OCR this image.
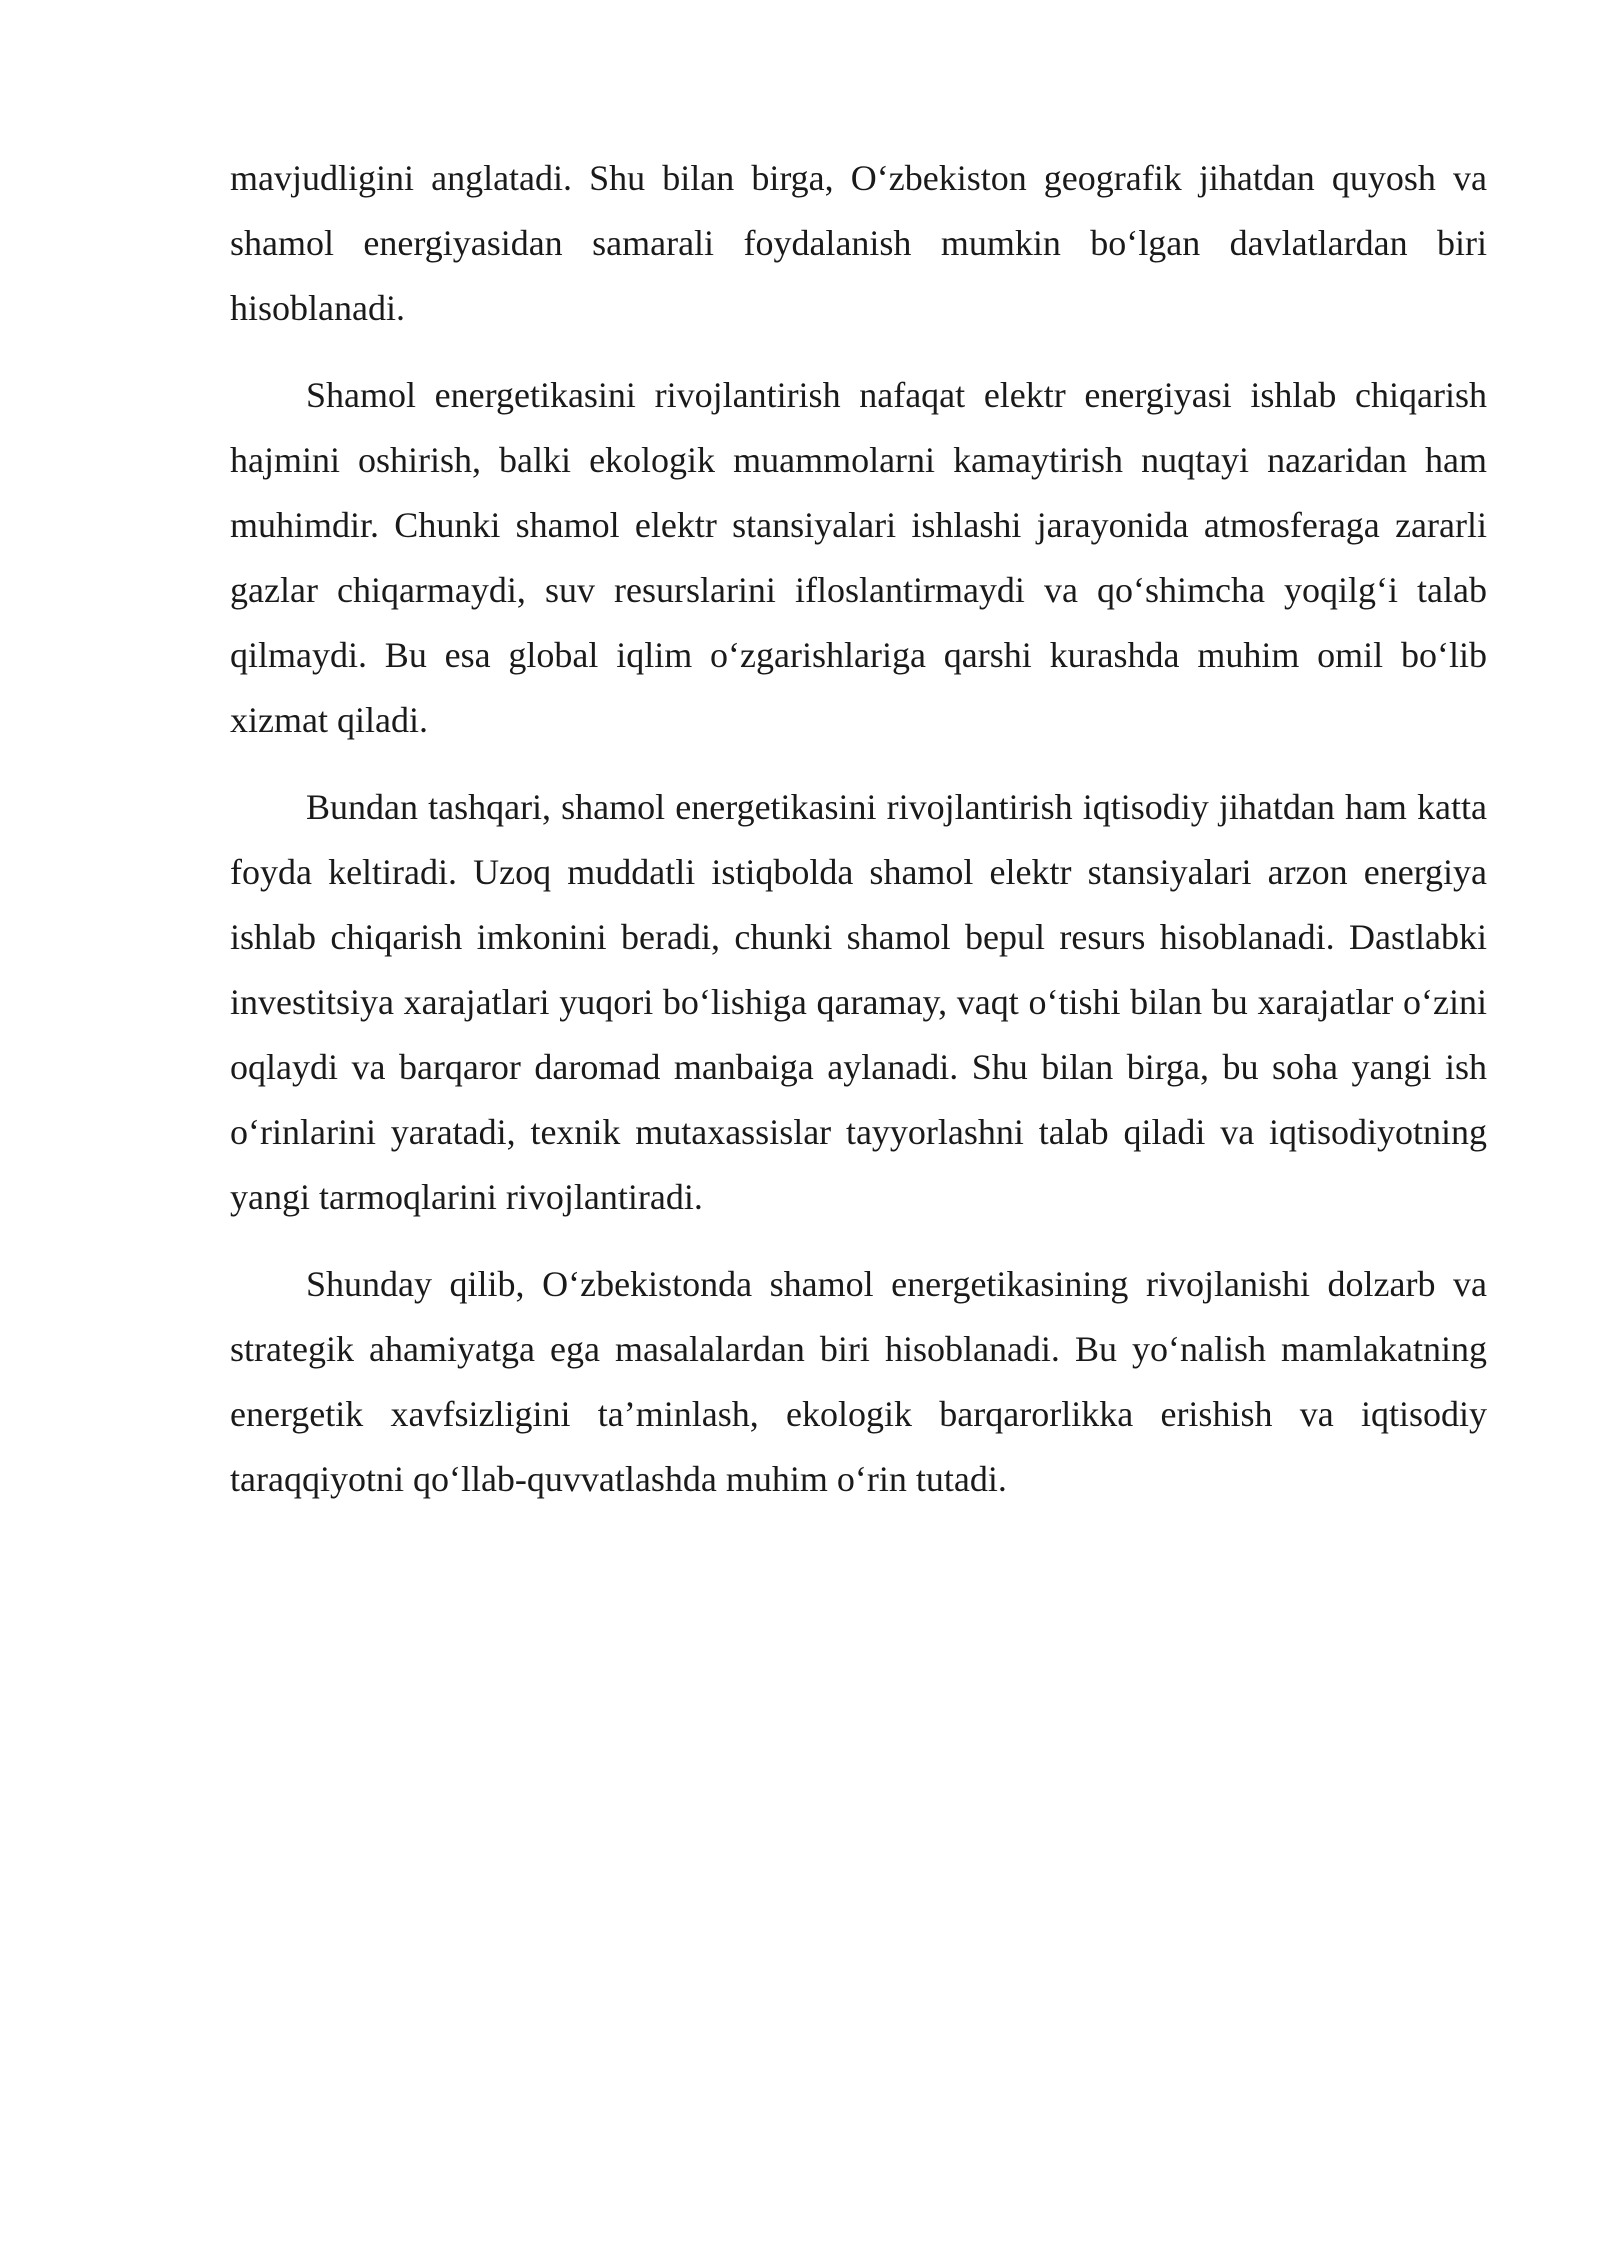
mavjudligini anglatadi. Shu bilan birga, O‘zbekiston geografik jihatdan quyosh va shamol energiyasidan samarali foydalanish mumkin bo‘lgan davlatlardan biri hisoblanadi.

Shamol energetikasini rivojlantirish nafaqat elektr energiyasi ishlab chiqarish hajmini oshirish, balki ekologik muammolarni kamaytirish nuqtayi nazaridan ham muhimdir. Chunki shamol elektr stansiyalari ishlashi jarayonida atmosferaga zararli gazlar chiqarmaydi, suv resurslarini ifloslantirmaydi va qo‘shimcha yoqilg‘i talab qilmaydi. Bu esa global iqlim o‘zgarishlariga qarshi kurashda muhim omil bo‘lib xizmat qiladi.

Bundan tashqari, shamol energetikasini rivojlantirish iqtisodiy jihatdan ham katta foyda keltiradi. Uzoq muddatli istiqbolda shamol elektr stansiyalari arzon energiya ishlab chiqarish imkonini beradi, chunki shamol bepul resurs hisoblanadi. Dastlabki investitsiya xarajatlari yuqori bo‘lishiga qaramay, vaqt o‘tishi bilan bu xarajatlar o‘zini oqlaydi va barqaror daromad manbaiga aylanadi. Shu bilan birga, bu soha yangi ish o‘rinlarini yaratadi, texnik mutaxassislar tayyorlashni talab qiladi va iqtisodiyotning yangi tarmoqlarini rivojlantiradi.

Shunday qilib, O‘zbekistonda shamol energetikasining rivojlanishi dolzarb va strategik ahamiyatga ega masalalardan biri hisoblanadi. Bu yo‘nalish mamlakatning energetik xavfsizligini ta’minlash, ekologik barqarorlikka erishish va iqtisodiy taraqqiyotni qo‘llab-quvvatlashda muhim o‘rin tutadi.
